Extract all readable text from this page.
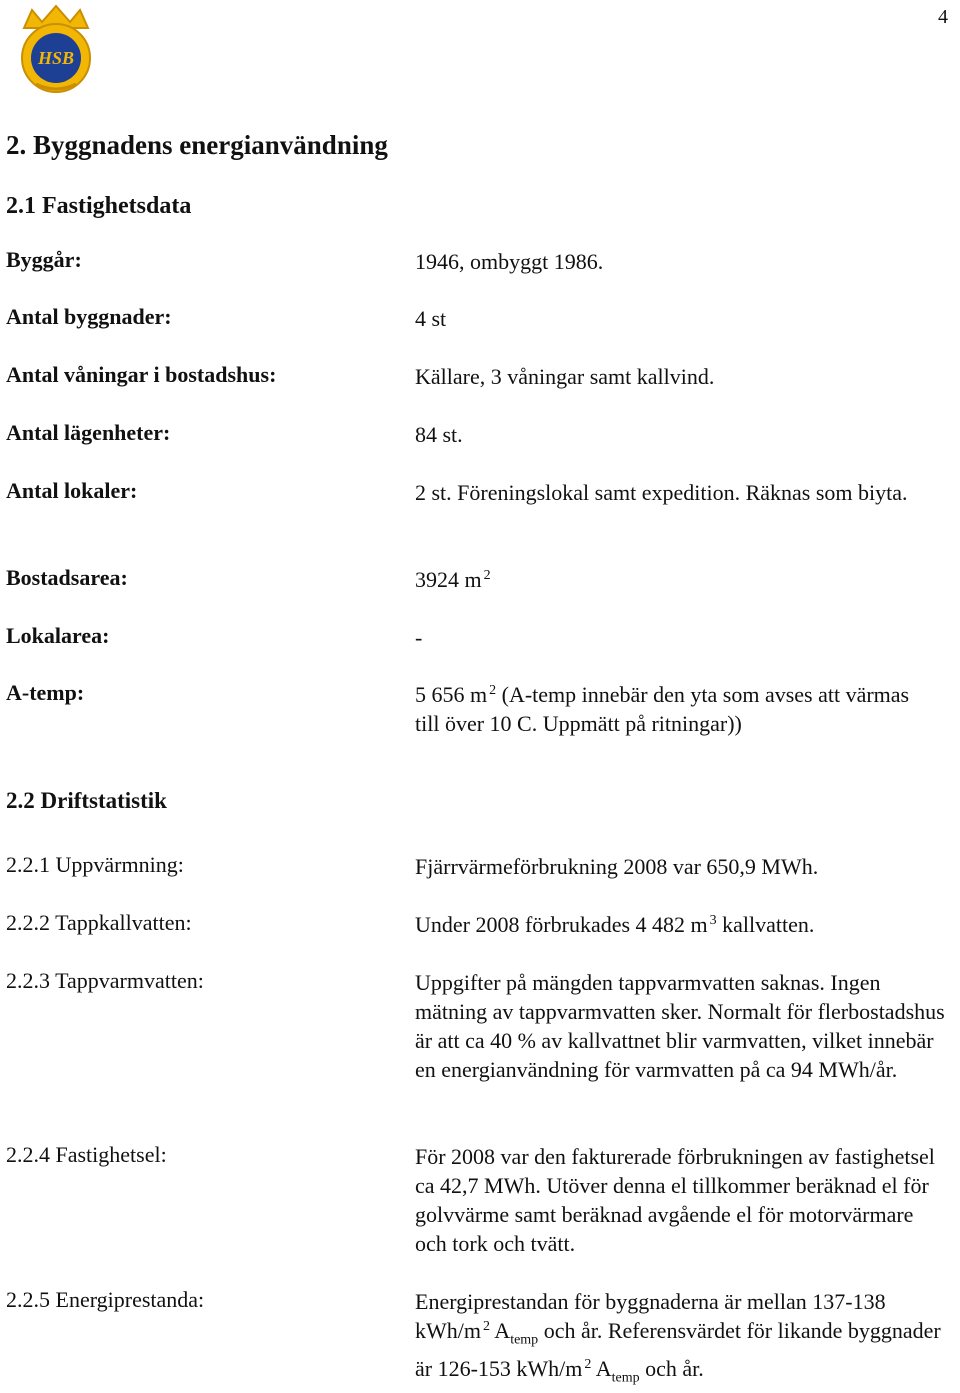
HSB
4
2. Byggnadens energianvändning
2.1 Fastighetsdata
Byggår:	1946, ombyggt 1986.
Antal byggnader:	4 st
Antal våningar i bostadshus:	Källare, 3 våningar samt kallvind.
Antal lägenheter:	84 st.
Antal lokaler:	2 st. Föreningslokal samt expedition. Räknas som biyta.
Bostadsarea:	3924 m $^2$
Lokalarea:	-
A-temp:	5 656 m $^2$ (A-temp innebär den yta som avses att värmas till över 10 C. Uppmätt på ritningar))
2.2 Driftstatistik
2.2.1 Uppvärmning:	Fjärrvärmeförbrukning 2008 var 650,9 MWh.
2.2.2 Tappkallvatten:	Under 2008 förbrukades 4 482 m $^3$ kallvatten.
2.2.3 Tappvarmvatten:	Uppgifter på mängden tappvarmvatten saknas. Ingen mätning av tappvarmvatten sker. Normalt för flerbostadshus är att ca 40 % av kallvattnet blir varmvatten, vilket innebär en energianvändning för varmvatten på ca 94 MWh/år.
2.2.4 Fastighetsel:	För 2008 var den fakturerade förbrukningen av fastighetsel ca 42,7 MWh. Utöver denna el tillkommer beräknad el för golvvärme samt beräknad avgående el för motorvärmare och tork och tvätt.
2.2.5 Energiprestanda:	Energiprestandan för byggnaderna är mellan 137-138 kWh/m $^2$ $A_{temp}$ och år. Referensvärdet för likande byggnader är 126-153 kWh/m $^2$ $A_{temp}$ och år.
